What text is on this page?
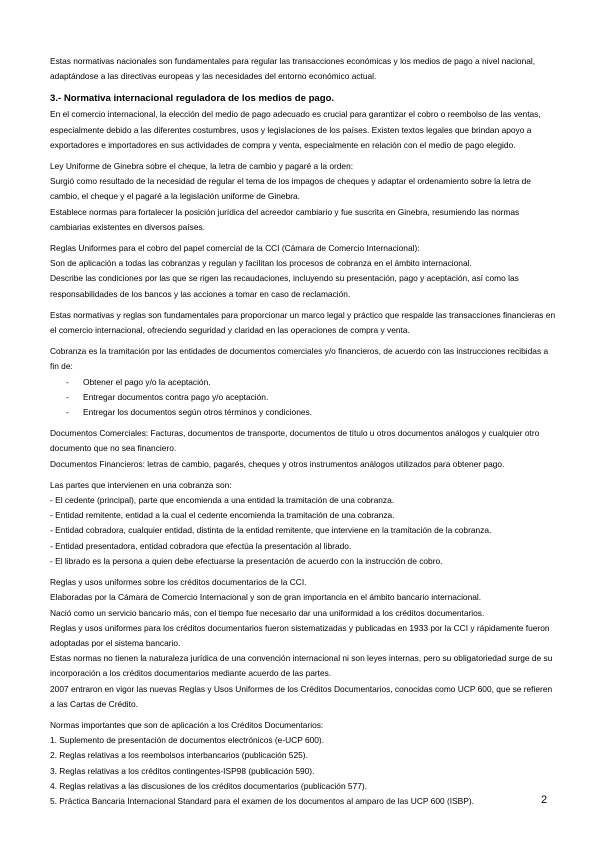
Estas normativas nacionales son fundamentales para regular las transacciones económicas y los medios de pago a nivel nacional, adaptándose a las directivas europeas y las necesidades del entorno económico actual.

3.- Normativa internacional reguladora de los medios de pago.

En el comercio internacional, la elección del medio de pago adecuado es crucial para garantizar el cobro o reembolso de las ventas, especialmente debido a las diferentes costumbres, usos y legislaciones de los países. Existen textos legales que brindan apoyo a exportadores e importadores en sus actividades de compra y venta, especialmente en relación con el medio de pago elegido.

Ley Uniforme de Ginebra sobre el cheque, la letra de cambio y pagaré a la orden:

Surgió como resultado de la necesidad de regular el tema de los impagos de cheques y adaptar el ordenamiento sobre la letra de cambio, el cheque y el pagaré a la legislación uniforme de Ginebra.

Establece normas para fortalecer la posición jurídica del acreedor cambiario y fue suscrita en Ginebra, resumiendo las normas cambiarias existentes en diversos países.

Reglas Uniformes para el cobro del papel comercial de la CCI (Cámara de Comercio Internacional):

Son de aplicación a todas las cobranzas y regulan y facilitan los procesos de cobranza en el ámbito internacional.

Describe las condiciones por las que se rigen las recaudaciones, incluyendo su presentación, pago y aceptación, así como las responsabilidades de los bancos y las acciones a tomar en caso de reclamación.

Estas normativas y reglas son fundamentales para proporcionar un marco legal y práctico que respalde las transacciones financieras en el comercio internacional, ofreciendo seguridad y claridad en las operaciones de compra y venta.

Cobranza es la tramitación por las entidades de documentos comerciales y/o financieros, de acuerdo con las instrucciones recibidas a fin de:

- Obtener el pago y/o la aceptación.
- Entregar documentos contra pago y/o aceptación.
- Entregar los documentos según otros términos y condiciones.

Documentos Comerciales: Facturas, documentos de transporte, documentos de título u otros documentos análogos y cualquier otro documento que no sea financiero.

Documentos Financieros: letras de cambio, pagarés, cheques y otros instrumentos análogos utilizados para obtener pago.

Las partes que intervienen en una cobranza son:

- El cedente (principal), parte que encomienda a una entidad la tramitación de una cobranza.

- Entidad remitente, entidad a la cual el cedente encomienda la tramitación de una cobranza.

- Entidad cobradora, cualquier entidad, distinta de la entidad remitente, que interviene en la tramitación de la cobranza.

- Entidad presentadora, entidad cobradora que efectúa la presentación al librado.

- El librado es la persona a quien debe efectuarse la presentación de acuerdo con la instrucción de cobro.

Reglas y usos uniformes sobre los créditos documentarios de la CCI.

Elaboradas por la Cámara de Comercio Internacional y son de gran importancia en el ámbito bancario internacional.

Nació como un servicio bancario más, con el tiempo fue necesario dar una uniformidad a los créditos documentarios.

Reglas y usos uniformes para los créditos documentarios fueron sistematizadas y publicadas en 1933 por la CCI y rápidamente fueron adoptadas por el sistema bancario.

Estas normas no tienen la naturaleza jurídica de una convención internacional ni son leyes internas, pero su obligatoriedad surge de su incorporación a los créditos documentarios mediante acuerdo de las partes.

2007 entraron en vigor las nuevas Reglas y Usos Uniformes de los Créditos Documentarios, conocidas como UCP 600, que se refieren a las Cartas de Crédito.

Normas importantes que son de aplicación a los Créditos Documentarios:

1. Suplemento de presentación de documentos electrónicos (e-UCP 600).

2. Reglas relativas a los reembolsos interbancarios (publicación 525).

3. Reglas relativas a los créditos contingentes-ISP98 (publicación 590).

4. Reglas relativas a las discusiones de los créditos documentarios (publicación 577).

5. Práctica Bancaria Internacional Standard para el examen de los documentos al amparo de las UCP 600 (ISBP).	2
